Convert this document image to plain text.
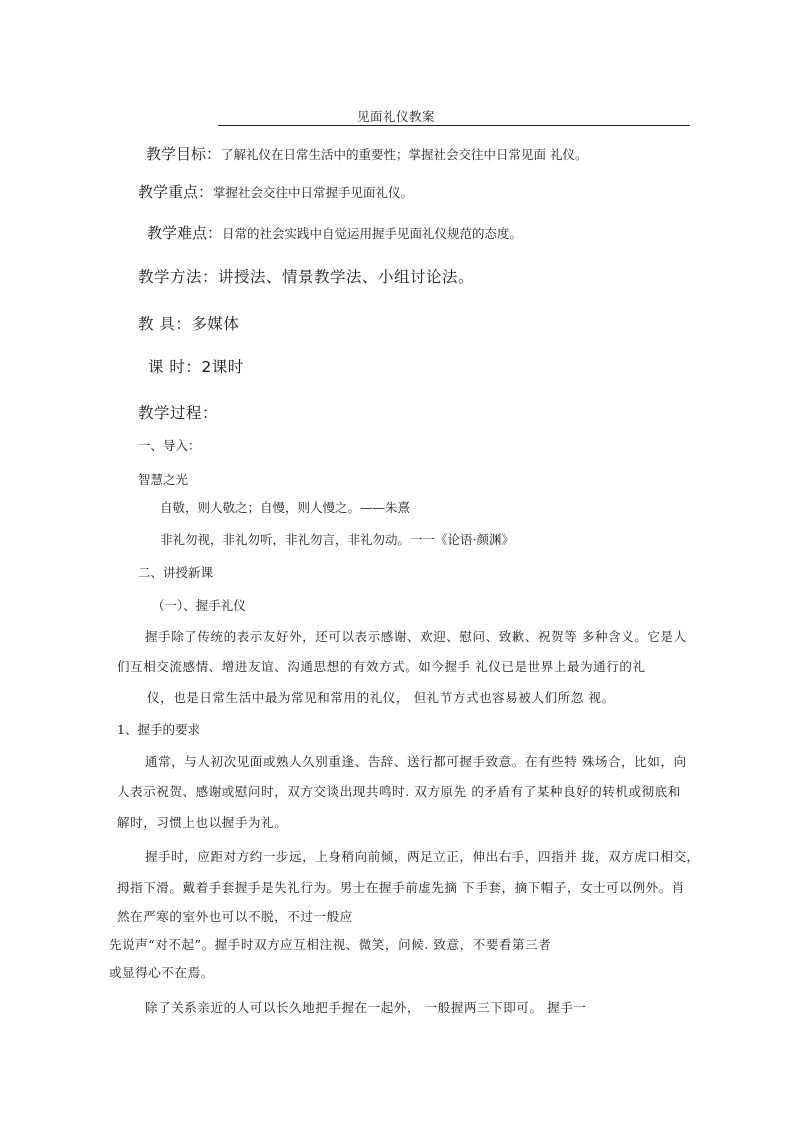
见面礼仪教案
教学目标：了解礼仪在日常生活中的重要性；掌握社会交往中日常见面 礼仪。
教学重点：掌握社会交往中日常握手见面礼仪。
教学难点：日常的社会实践中自觉运用握手见面礼仪规范的态度。
教学方法：讲授法、情景教学法、小组讨论法。
教 具：多媒体
课 时：2课时
教学过程：
一、导入：
智慧之光
自敬，则人敬之；自慢，则人慢之。——朱熹
非礼勿视，非礼勿听，非礼勿言，非礼勿动。一一《论语·颜渊》
二、讲授新课
（一）、握手礼仪
握手除了传统的表示友好外，还可以表示感谢、欢迎、慰问、致歉、祝贺等 多种含义。它是人
们互相交流感情、增进友谊、沟通思想的有效方式。如今握手 礼仪已是世界上最为通行的礼
仪，也是日常生活中最为常见和常用的礼仪， 但礼节方式也容易被人们所忽 视。
1、握手的要求
通常，与人初次见面或熟人久别重逢、告辞、送行都可握手致意。在有些特 殊场合，比如，向
人表示祝贺、感谢或慰问时，双方交谈出现共鸣时. 双方原先 的矛盾有了某种良好的转机或彻底和
解时，习惯上也以握手为礼。
握手时，应距对方约一步远，上身稍向前倾，两足立正，伸出右手，四指并 拢，双方虎口相交，
拇指下滑。戴着手套握手是失礼行为。男士在握手前虚先摘 下手套，摘下帽子，女士可以例外。肖
然在严寒的室外也可以不脱，不过一般应
先说声“对不起”。握手时双方应互相注视、微笑，问候. 致意，不要看第三者
或显得心不在焉。
除了关系亲近的人可以长久地把手握在一起外， 一般握两三下即可。 握手一
